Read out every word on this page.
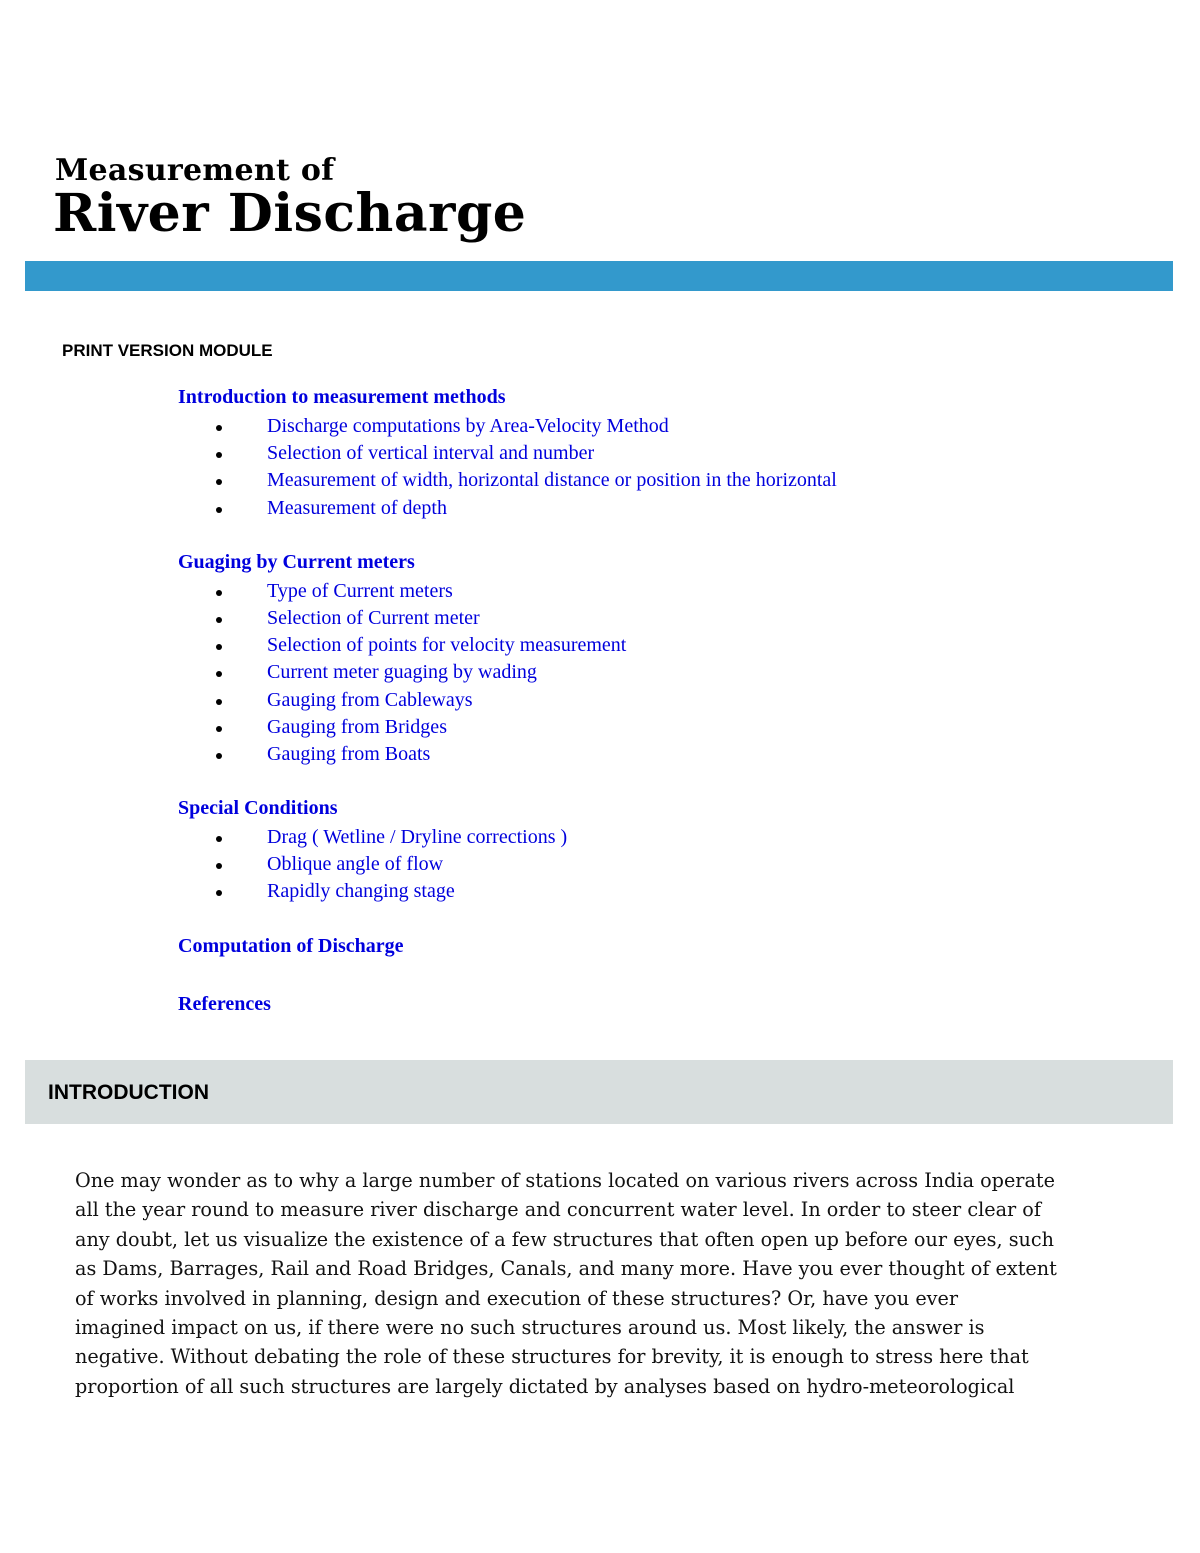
Measurement of
River Discharge
PRINT VERSION MODULE
Introduction to measurement methods
Discharge computations by Area-Velocity Method
Selection of vertical interval and number
Measurement of width, horizontal distance or position in the horizontal
Measurement of depth
Guaging by Current meters
Type of Current meters
Selection of Current meter
Selection of points for velocity measurement
Current meter guaging by wading
Gauging from Cableways
Gauging from Bridges
Gauging from Boats
Special Conditions
Drag ( Wetline / Dryline corrections )
Oblique angle of flow
Rapidly changing stage
Computation of Discharge
References
INTRODUCTION
One may wonder as to why a large number of stations located on various rivers across India operate
all the year round to measure river discharge and concurrent water level. In order to steer clear of
any doubt, let us visualize the existence of a few structures that often open up before our eyes, such
as Dams, Barrages, Rail and Road Bridges, Canals, and many more. Have you ever thought of extent
of works involved in planning, design and execution of these structures? Or, have you ever
imagined impact on us, if there were no such structures around us. Most likely, the answer is
negative. Without debating the role of these structures for brevity, it is enough to stress here that
proportion of all such structures are largely dictated by analyses based on hydro-meteorological
